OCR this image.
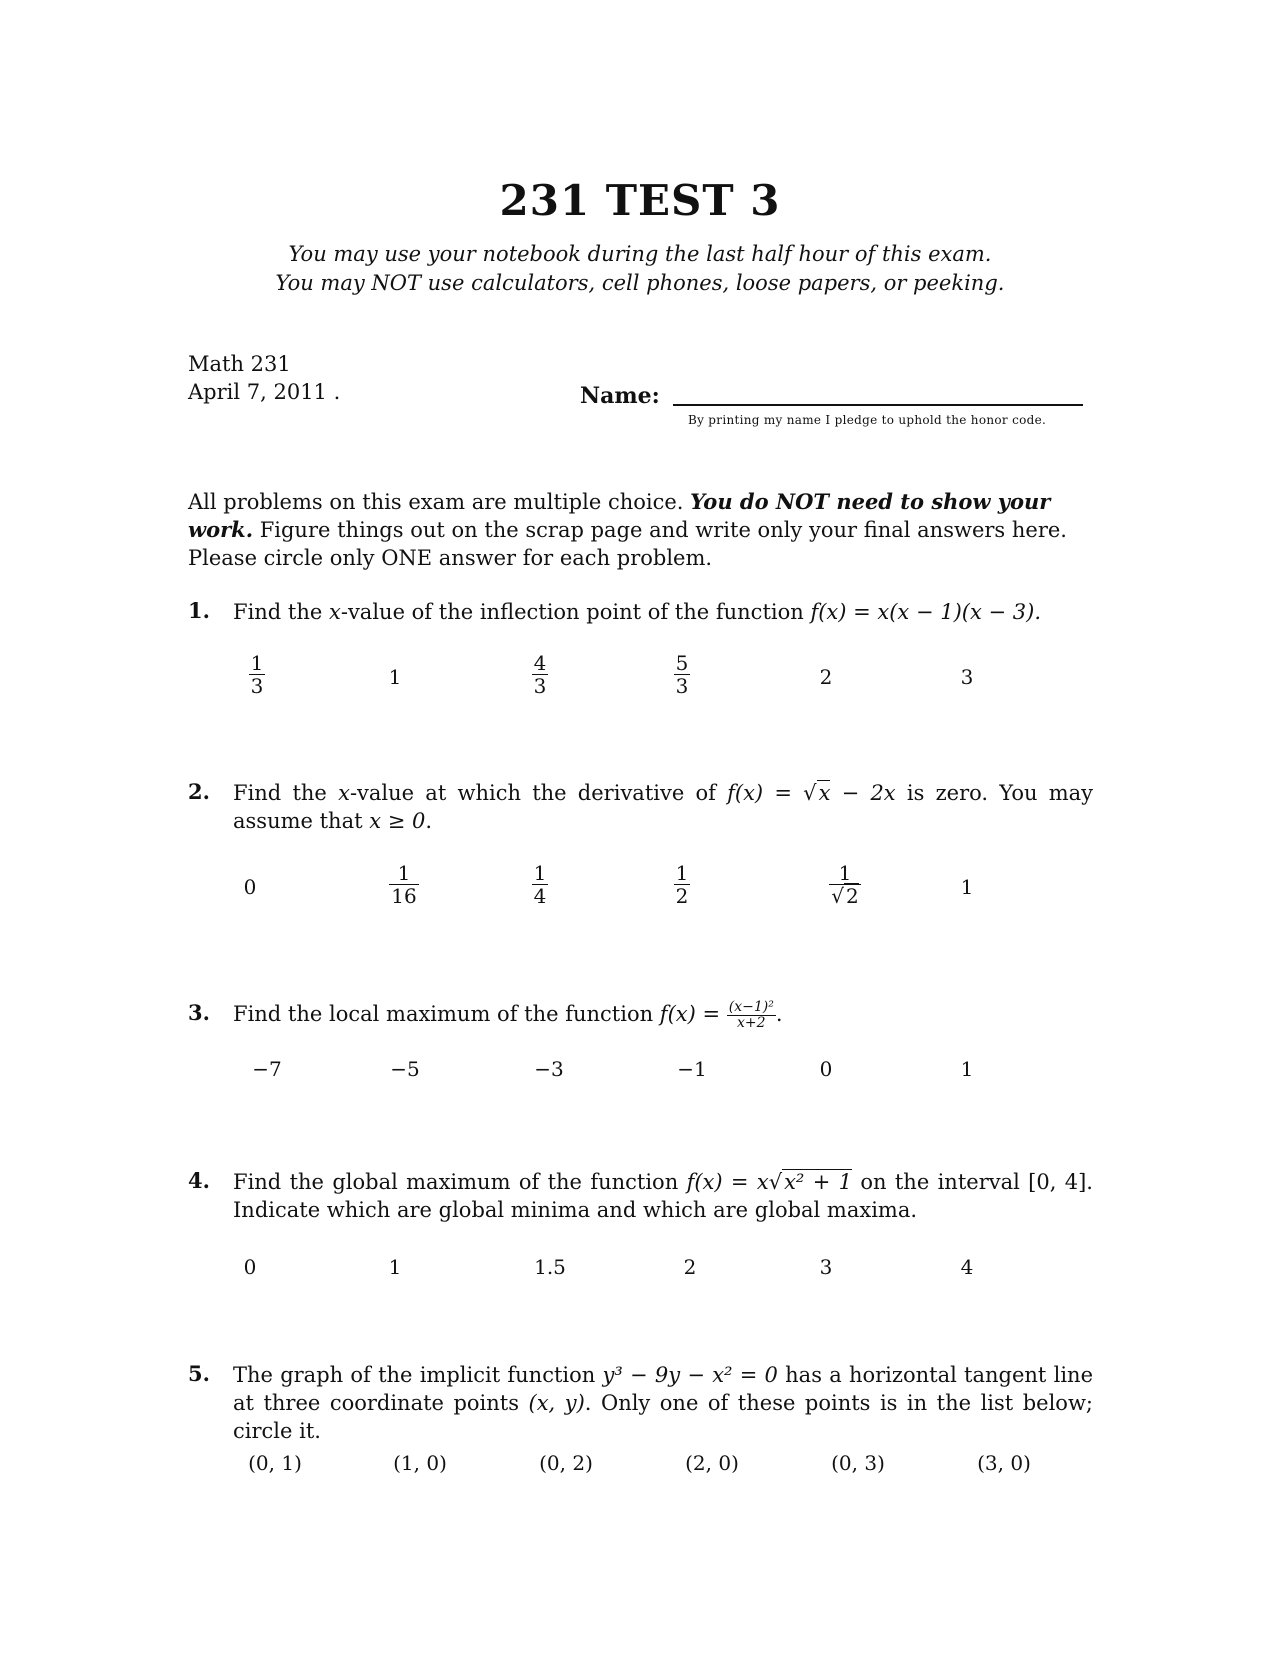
231 TEST 3
You may use your notebook during the last half hour of this exam.
You may NOT use calculators, cell phones, loose papers, or peeking.
Math 231
April 7, 2011 .	Name:
By printing my name I pledge to uphold the honor code.
All problems on this exam are multiple choice. You do NOT need to show your work. Figure things out on the scrap page and write only your final answers here. Please circle only ONE answer for each problem.
1. Find the x-value of the inflection point of the function f(x) = x(x − 1)(x − 3).
$\frac{1}{3}$	1	$\frac{4}{3}$	$\frac{5}{3}$	2	3
2. Find the x-value at which the derivative of f(x) = √x − 2x is zero. You may assume that x ≥ 0.
0	$\frac{1}{16}$	$\frac{1}{4}$	$\frac{1}{2}$	$\frac{1}{√ 2}$	1
3. Find the local maximum of the function $f(x) = \frac{\text{(x−1)²}}{x+2}$ .
−7	−5	−3	−1	0	1
4. Find the global maximum of the function f(x) = x√x² + 1 on the interval [0, 4]. Indicate which are global minima and which are global maxima.
0	1	1.5	2	3	4
5. The graph of the implicit function y³ − 9y − x² = 0 has a horizontal tangent line at three coordinate points (x, y). Only one of these points is in the list below; circle it.
(0, 1)	(1, 0)	(0, 2)	(2, 0)	(0, 3)	(3, 0)
